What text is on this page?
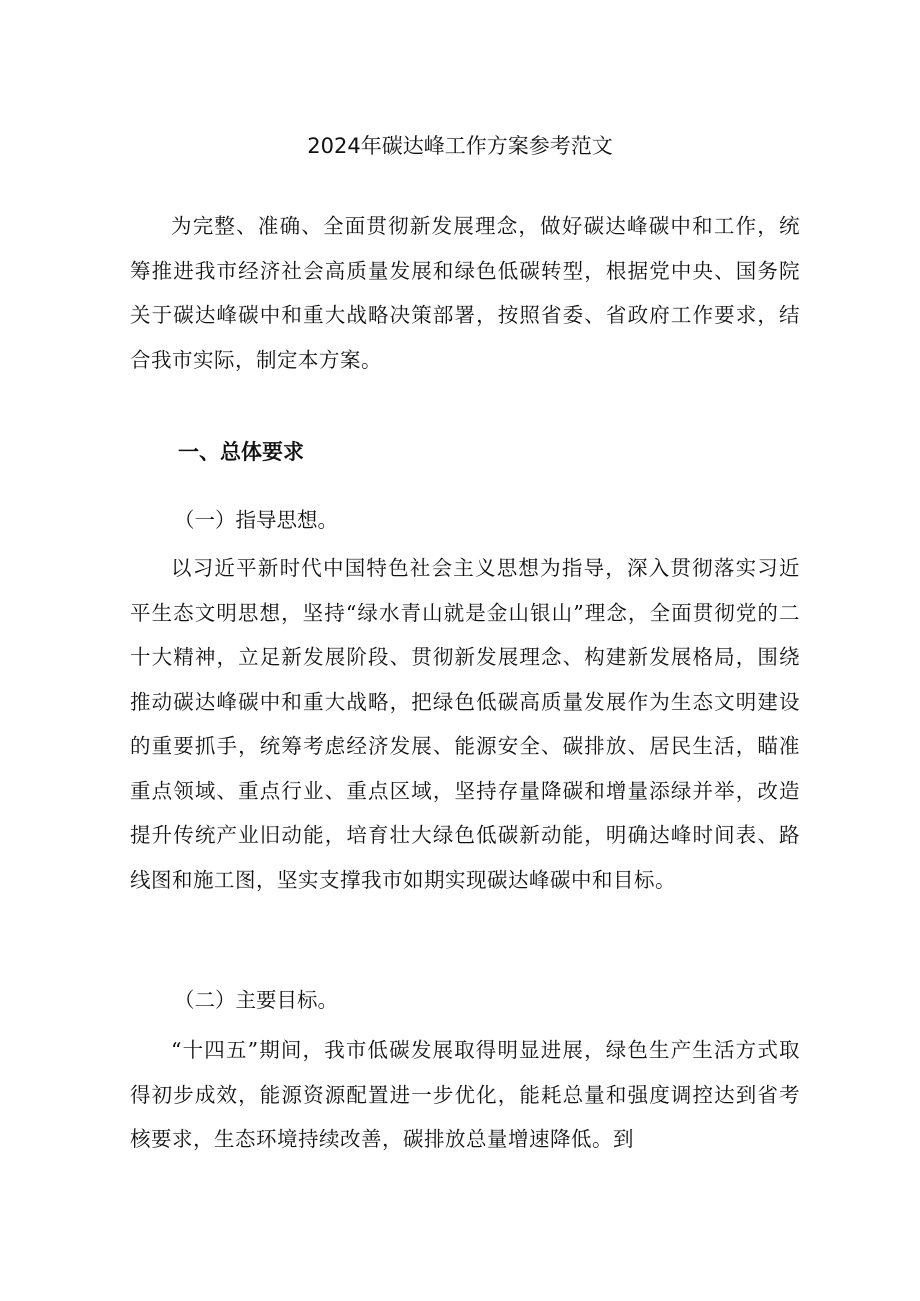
2024年碳达峰工作方案参考范文

为完整、准确、全面贯彻新发展理念，做好碳达峰碳中和工作，统筹推进我市经济社会高质量发展和绿色低碳转型，根据党中央、国务院关于碳达峰碳中和重大战略决策部署，按照省委、省政府工作要求，结合我市实际，制定本方案。

一、总体要求
（一）指导思想。

以习近平新时代中国特色社会主义思想为指导，深入贯彻落实习近平生态文明思想，坚持“绿水青山就是金山银山”理念，全面贯彻党的二十大精神，立足新发展阶段、贯彻新发展理念、构建新发展格局，围绕推动碳达峰碳中和重大战略，把绿色低碳高质量发展作为生态文明建设的重要抓手，统筹考虑经济发展、能源安全、碳排放、居民生活，瞄准重点领域、重点行业、重点区域，坚持存量降碳和增量添绿并举，改造提升传统产业旧动能，培育壮大绿色低碳新动能，明确达峰时间表、路线图和施工图，坚实支撑我市如期实现碳达峰碳中和目标。

（二）主要目标。

“十四五”期间，我市低碳发展取得明显进展，绿色生产生活方式取得初步成效，能源资源配置进一步优化，能耗总量和强度调控达到省考核要求，生态环境持续改善，碳排放总量增速降低。到
